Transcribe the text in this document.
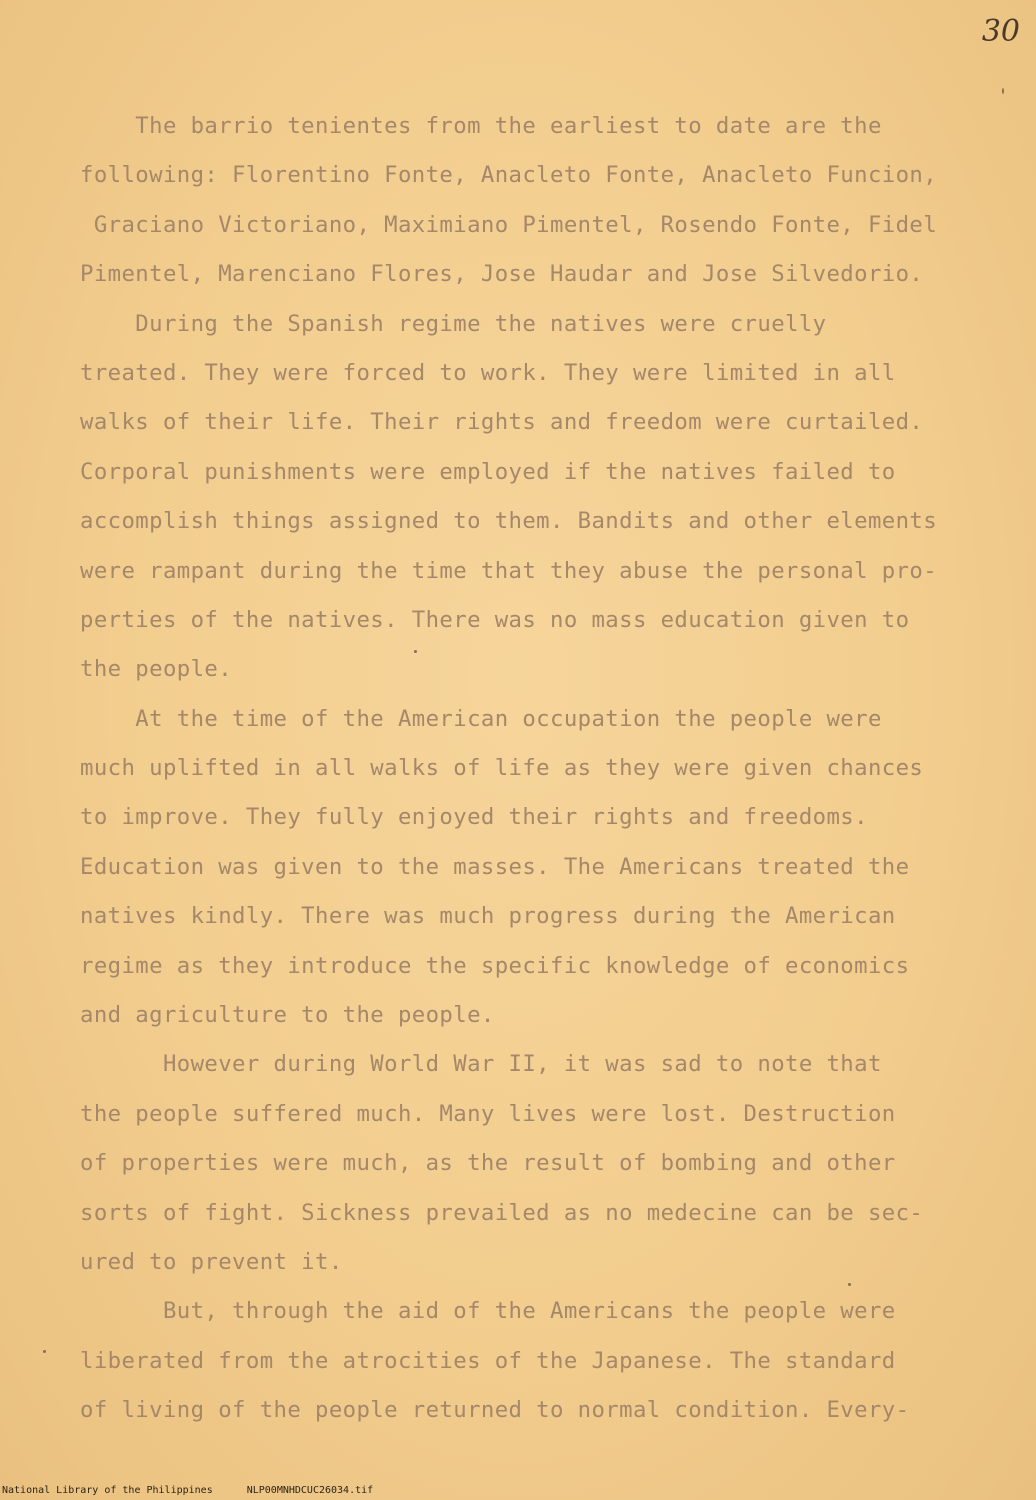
30
The barrio tenientes from the earliest to date are the
following: Florentino Fonte, Anacleto Fonte, Anacleto Funcion,
Graciano Victoriano, Maximiano Pimentel, Rosendo Fonte, Fidel
Pimentel, Marenciano Flores, Jose Haudar and Jose Silvedorio.
During the Spanish regime the natives were cruelly
treated. They were forced to work. They were limited in all
walks of their life. Their rights and freedom were curtailed.
Corporal punishments were employed if the natives failed to
accomplish things assigned to them. Bandits and other elements
were rampant during the time that they abuse the personal pro-
perties of the natives. There was no mass education given to
the people.
At the time of the American occupation the people were
much uplifted in all walks of life as they were given chances
to improve. They fully enjoyed their rights and freedoms.
Education was given to the masses. The Americans treated the
natives kindly. There was much progress during the American
regime as they introduce the specific knowledge of economics
and agriculture to the people.
However during World War II, it was sad to note that
the people suffered much. Many lives were lost. Destruction
of properties were much, as the result of bombing and other
sorts of fight. Sickness prevailed as no medecine can be sec-
ured to prevent it.
But, through the aid of the Americans the people were
liberated from the atrocities of the Japanese. The standard
of living of the people returned to normal condition. Every-
National Library of the Philippines	NLP00MNHDCUC26034.tif
